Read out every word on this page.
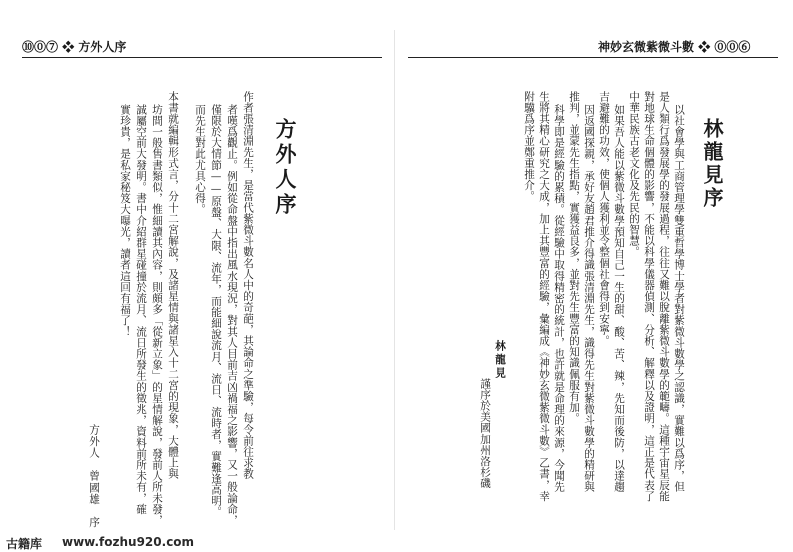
⑩⓪⑦ ❖ 方外人序
方外人序
作者張清淵先生，是當代紫微斗數名人中的奇葩，其論命之準驗，每令前往求教
者嘆爲觀止。例如從命盤中指出風水現況，對其人目前吉凶禍福之影響，又一般論命，
僅限於大情節——原盤、大限、流年，而能細說流月、流日、流時者，實難逢高明。
而先生對此尤具心得。
本書就編輯形式言，分十二宮解說，及諸星情與諸星入十二宮的現象，大體上與
坊間一般售書類似，惟細讀其內容，則頗多「從新立象」的星情解說，發前人所未發，
誠屬空前大發明。書中介紹群星碰撞於流月、流日所發生的徵兆，資料前所未有，確
實珍貴，是私家秘笈大曝光，讀者這回有福了！
方外人　曾國雄　序
神妙玄微紫微斗數 ❖ ⓪⓪⑥
林龍見序
以社會學與工商管理學雙重哲學博士學者對紫微斗數學之認識，實難以爲序，但
是人類行爲發展學的發展過程，往往又難以脫離紫微斗數學的範疇。這種宇宙星辰能
對地球生命個體的影響，不能以科學儀器偵測、分析、解釋以及證明，這正是代表了
中華民族古老文化及先民的智慧。
如果吾人能以紫微斗數學預知自己一生的甜、酸、苦、辣，先知而後防，以達趨
吉避難的功效，使個人獲利並令整個社會得到安寧。
因返國探親，承好友趙君推介得識張清淵先生，識得先生對紫微斗數學的精研與
推判，並蒙先生指點，實獲益良多，並對先生豐富的知識佩服有加。
科學即是經驗的累積。從經驗中取得精密的統計，也許就是命理的來源，今聞先
生將其精心研究之大成，加上其豐富的經驗，彙編成《神妙玄微紫微斗數》乙書，幸
附驥爲序並鄭重推介。
林龍見
謹序於美國加州洛杉磯
古籍库 www.fozhu920.com
